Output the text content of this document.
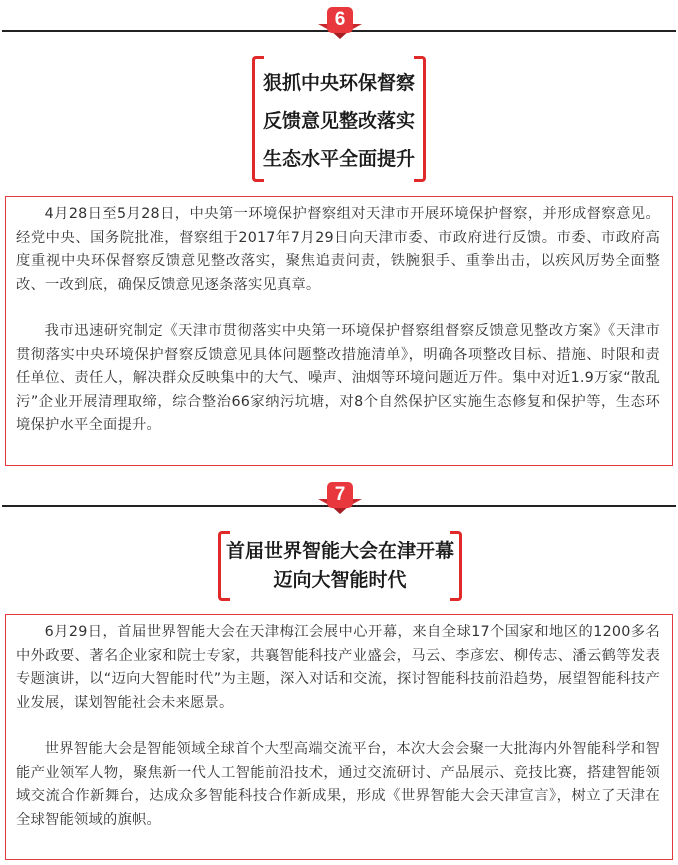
6
狠抓中央环保督察
反馈意见整改落实
生态水平全面提升

4月28日至5月28日，中央第一环境保护督察组对天津市开展环境保护督察，并形成督察意见。经党中央、国务院批准，督察组于2017年7月29日向天津市委、市政府进行反馈。市委、市政府高度重视中央环保督察反馈意见整改落实，聚焦追责问责，铁腕狠手、重拳出击，以疾风厉势全面整改、一改到底，确保反馈意见逐条落实见真章。

我市迅速研究制定《天津市贯彻落实中央第一环境保护督察组督察反馈意见整改方案》《天津市贯彻落实中央环境保护督察反馈意见具体问题整改措施清单》，明确各项整改目标、措施、时限和责任单位、责任人，解决群众反映集中的大气、噪声、油烟等环境问题近万件。集中对近1.9万家“散乱污”企业开展清理取缔，综合整治66家纳污坑塘，对8个自然保护区实施生态修复和保护等，生态环境保护水平全面提升。

7
首届世界智能大会在津开幕
迈向大智能时代

6月29日，首届世界智能大会在天津梅江会展中心开幕，来自全球17个国家和地区的1200多名中外政要、著名企业家和院士专家，共襄智能科技产业盛会，马云、李彦宏、柳传志、潘云鹤等发表专题演讲，以“迈向大智能时代”为主题，深入对话和交流，探讨智能科技前沿趋势，展望智能科技产业发展，谋划智能社会未来愿景。

世界智能大会是智能领域全球首个大型高端交流平台，本次大会会聚一大批海内外智能科学和智能产业领军人物，聚焦新一代人工智能前沿技术，通过交流研讨、产品展示、竞技比赛，搭建智能领域交流合作新舞台，达成众多智能科技合作新成果，形成《世界智能大会天津宣言》，树立了天津在全球智能领域的旗帜。
